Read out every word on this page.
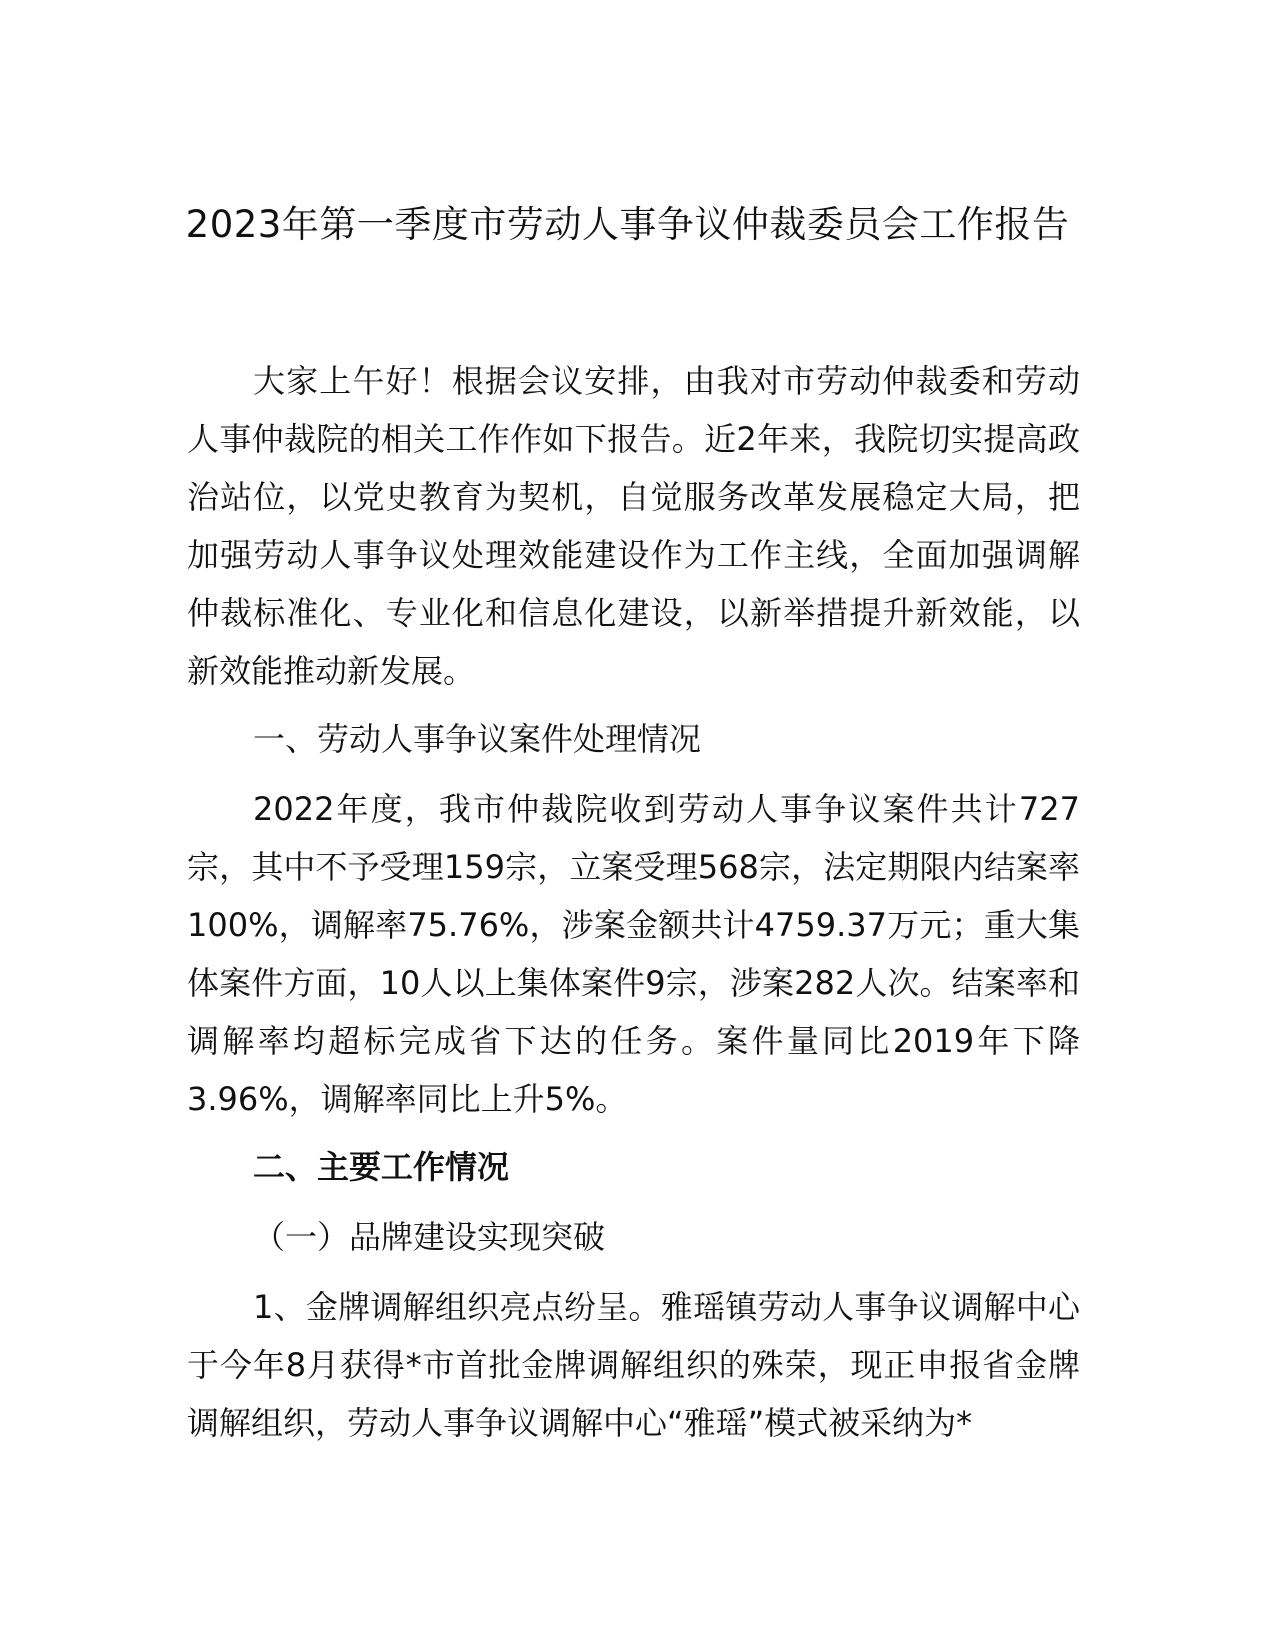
2023年第一季度市劳动人事争议仲裁委员会工作报告

大家上午好！根据会议安排，由我对市劳动仲裁委和劳动人事仲裁院的相关工作作如下报告。近2年来，我院切实提高政治站位，以党史教育为契机，自觉服务改革发展稳定大局，把加强劳动人事争议处理效能建设作为工作主线，全面加强调解仲裁标准化、专业化和信息化建设，以新举措提升新效能，以新效能推动新发展。

一、劳动人事争议案件处理情况

2022年度，我市仲裁院收到劳动人事争议案件共计727宗，其中不予受理159宗，立案受理568宗，法定期限内结案率100%，调解率75.76%，涉案金额共计4759.37万元；重大集体案件方面，10人以上集体案件9宗，涉案282人次。结案率和调解率均超标完成省下达的任务。案件量同比2019年下降3.96%，调解率同比上升5%。

二、主要工作情况

（一）品牌建设实现突破

1、金牌调解组织亮点纷呈。雅瑶镇劳动人事争议调解中心于今年8月获得*市首批金牌调解组织的殊荣，现正申报省金牌调解组织，劳动人事争议调解中心“雅瑶”模式被采纳为*
